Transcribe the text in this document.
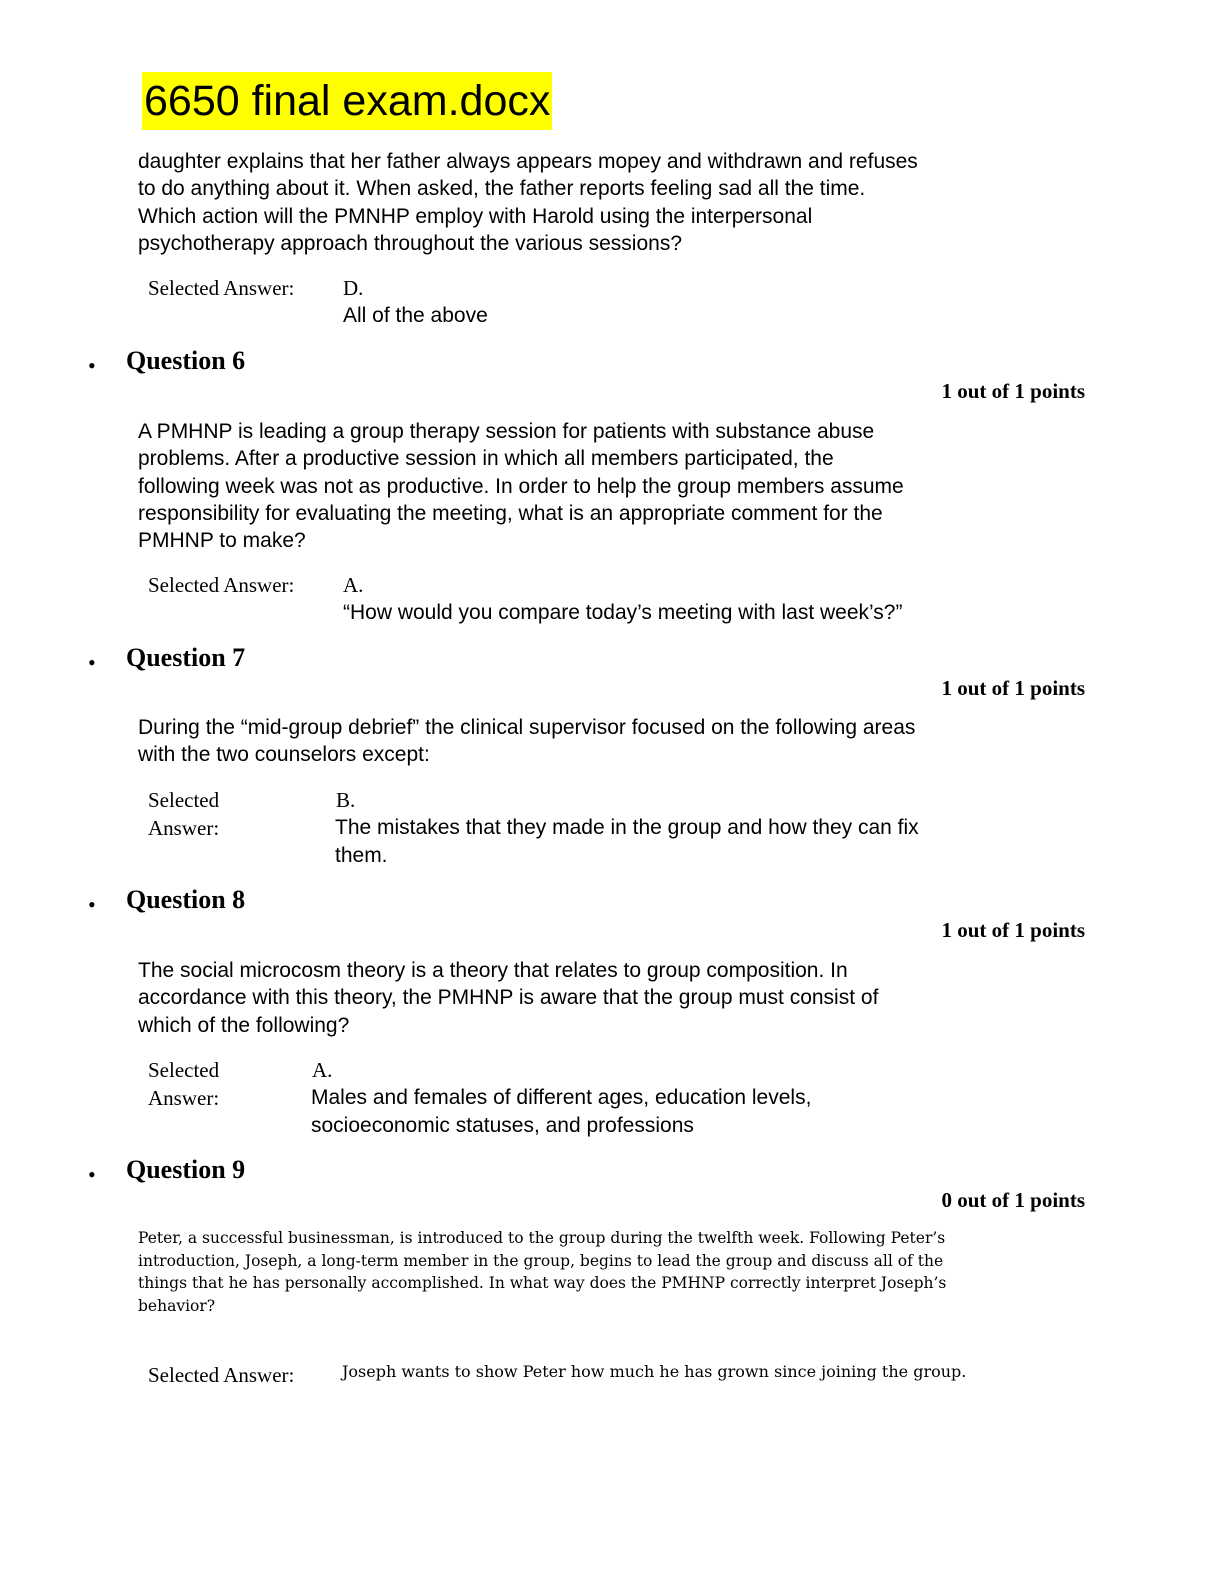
6650 final exam.docx
daughter explains that her father always appears mopey and withdrawn and refuses
to do anything about it. When asked, the father reports feeling sad all the time.
Which action will the PMNHP employ with Harold using the interpersonal
psychotherapy approach throughout the various sessions?
Selected Answer: D.
All of the above
• Question 6
1 out of 1 points
A PMHNP is leading a group therapy session for patients with substance abuse
problems. After a productive session in which all members participated, the
following week was not as productive. In order to help the group members assume
responsibility for evaluating the meeting, what is an appropriate comment for the
PMHNP to make?
Selected Answer: A.
“How would you compare today’s meeting with last week’s?”
• Question 7
1 out of 1 points
During the “mid-group debrief” the clinical supervisor focused on the following areas
with the two counselors except:
Selected
Answer:
B.
The mistakes that they made in the group and how they can fix
them.
• Question 8
1 out of 1 points
The social microcosm theory is a theory that relates to group composition. In
accordance with this theory, the PMHNP is aware that the group must consist of
which of the following?
Selected
Answer:
A.
Males and females of different ages, education levels,
socioeconomic statuses, and professions
• Question 9
0 out of 1 points
Peter, a successful businessman, is introduced to the group during the twelfth week. Following Peter’s
introduction, Joseph, a long-term member in the group, begins to lead the group and discuss all of the
things that he has personally accomplished. In what way does the PMHNP correctly interpret Joseph’s
behavior?
Selected Answer:	Joseph wants to show Peter how much he has grown since joining the group.
